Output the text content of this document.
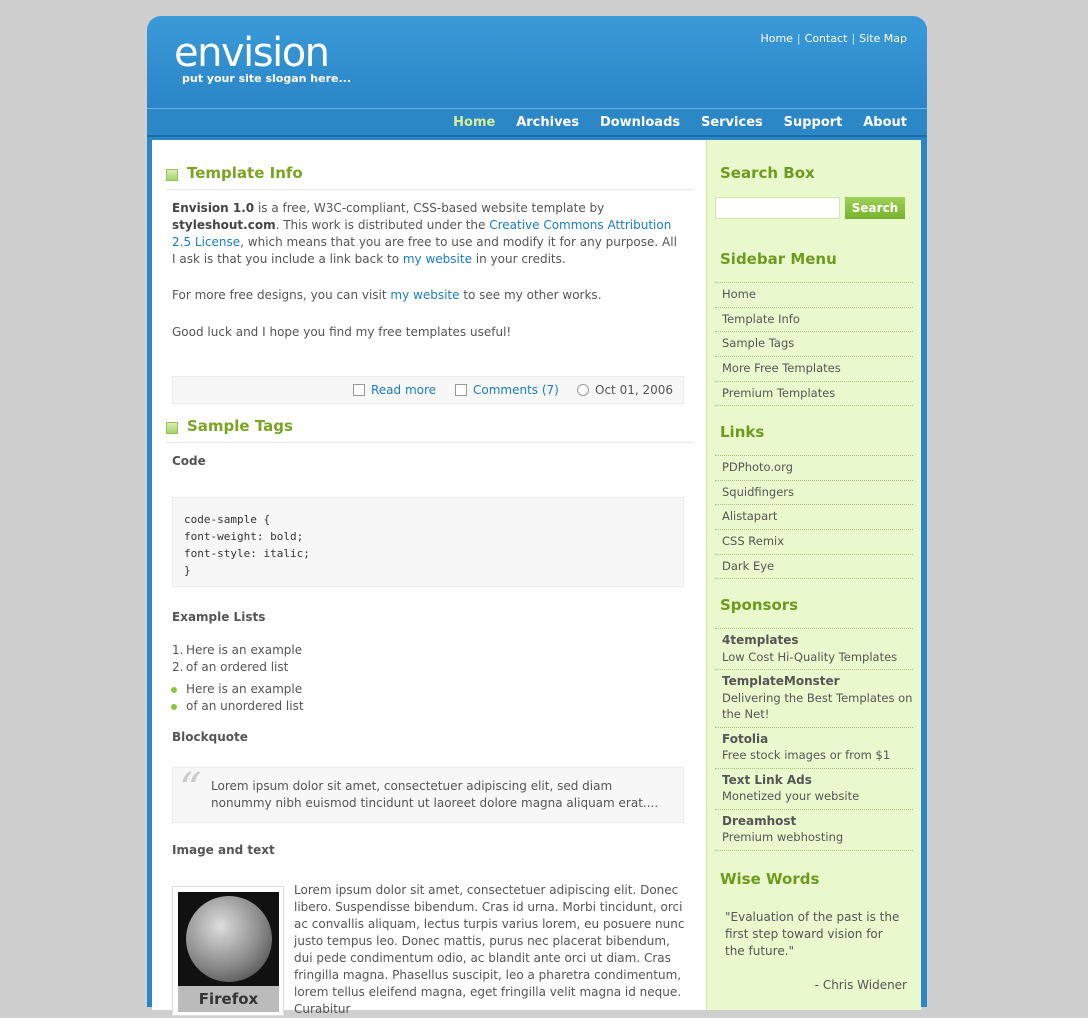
envision
put your site slogan here...
Home | Contact | Site Map
Home Archives Downloads Services Support About
Template Info
Envision 1.0 is a free, W3C-compliant, CSS-based website template by styleshout.com. This work is distributed under the Creative Commons Attribution 2.5 License, which means that you are free to use and modify it for any purpose. All I ask is that you include a link back to my website in your credits.
For more free designs, you can visit my website to see my other works.
Good luck and I hope you find my free templates useful!
Read more	Comments (7)	Oct 01, 2006
Sample Tags
Code
code-sample {
font-weight: bold;
font-style: italic;
}
Example Lists
1. Here is an example
2. of an ordered list
Here is an example
of an unordered list
Blockquote
“ Lorem ipsum dolor sit amet, consectetuer adipiscing elit, sed diam nonummy nibh euismod tincidunt ut laoreet dolore magna aliquam erat....
Image and text
Firefox
Lorem ipsum dolor sit amet, consectetuer adipiscing elit. Donec libero. Suspendisse bibendum. Cras id urna. Morbi tincidunt, orci ac convallis aliquam, lectus turpis varius lorem, eu posuere nunc justo tempus leo. Donec mattis, purus nec placerat bibendum, dui pede condimentum odio, ac blandit ante orci ut diam. Cras fringilla magna. Phasellus suscipit, leo a pharetra condimentum, lorem tellus eleifend magna, eget fringilla velit magna id neque. Curabitur
Search Box
Search
Sidebar Menu
Home
Template Info
Sample Tags
More Free Templates
Premium Templates
Links
PDPhoto.org
Squidfingers
Alistapart
CSS Remix
Dark Eye
Sponsors
4templates
Low Cost Hi-Quality Templates
TemplateMonster
Delivering the Best Templates on the Net!
Fotolia
Free stock images or from $1
Text Link Ads
Monetized your website
Dreamhost
Premium webhosting
Wise Words
"Evaluation of the past is the first step toward vision for the future."
- Chris Widener
